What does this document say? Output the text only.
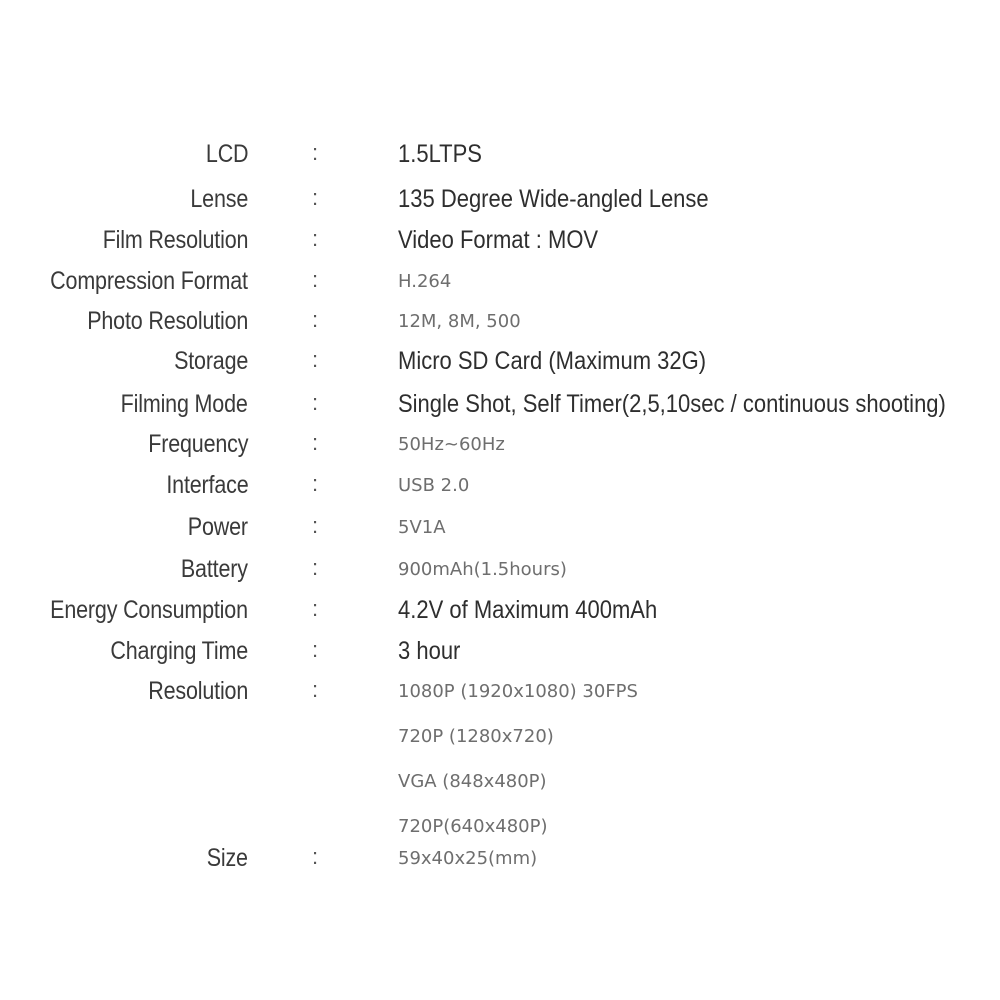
LCD	:	1.5LTPS
Lense	:	135 Degree Wide-angled Lense
Film Resolution	:	Video Format : MOV
Compression Format	:	H.264
Photo Resolution	:	12M, 8M, 500
Storage	:	Micro SD Card (Maximum 32G)
Filming Mode	:	Single Shot, Self Timer(2,5,10sec / continuous shooting)
Frequency	:	50Hz~60Hz
Interface	:	USB 2.0
Power	:	5V1A
Battery	:	900mAh(1.5hours)
Energy Consumption	:	4.2V of Maximum 400mAh
Charging Time	:	3 hour
Resolution	:	1080P (1920x1080) 30FPS
720P (1280x720)
VGA (848x480P)
720P(640x480P)
Size	:	59x40x25(mm)
